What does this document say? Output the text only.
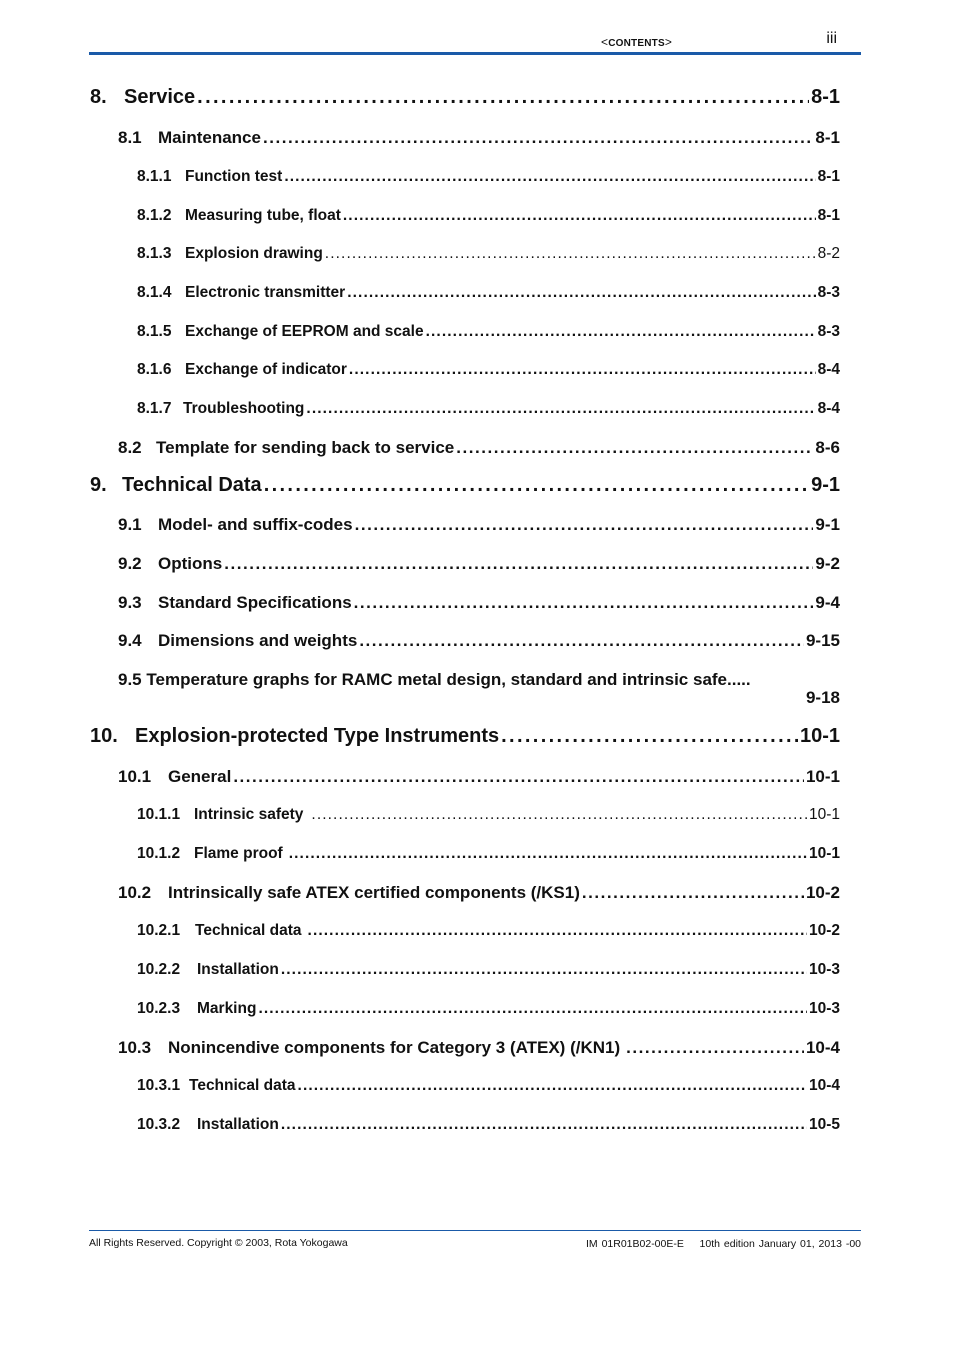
<CONTENTS>	iii
8. Service . . .	8-1
8.1 Maintenance . . .	8-1
8.1.1 Function test . . .	8-1
8.1.2 Measuring tube, float . . .	8-1
8.1.3 Explosion drawing . . .	8-2
8.1.4 Electronic transmitter . . .	8-3
8.1.5 Exchange of EEPROM and scale . . .	8-3
8.1.6 Exchange of indicator . . .	8-4
8.1.7 Troubleshooting . . .	8-4
8.2 Template for sending back to service . . .	8-6
9. Technical Data . . .	9-1
9.1 Model- and suffix-codes . . .	9-1
9.2 Options . . .	9-2
9.3 Standard Specifications . . .	9-4
9.4 Dimensions and weights . . .	9-15
9.5 Temperature graphs for RAMC metal design, standard and intrinsic safe.....
9-18
10. Explosion-protected Type Instruments . . .	10-1
10.1 General . . .	10-1
10.1.1 Intrinsic safety . . .	10-1
10.1.2 Flame proof . . .	10-1
10.2 Intrinsically safe ATEX certified components (/KS1) . . .	10-2
10.2.1 Technical data . . .	10-2
10.2.2 Installation . . .	10-3
10.2.3 Marking . . .	10-3
10.3 Nonincendive components for Category 3 (ATEX) (/KN1) . . .	10-4
10.3.1 Technical data . . .	10-4
10.3.2 Installation . . .	10-5
All Rights Reserved. Copyright © 2003, Rota Yokogawa	IM 01R01B02-00E-E 10th edition January 01, 2013 -00
